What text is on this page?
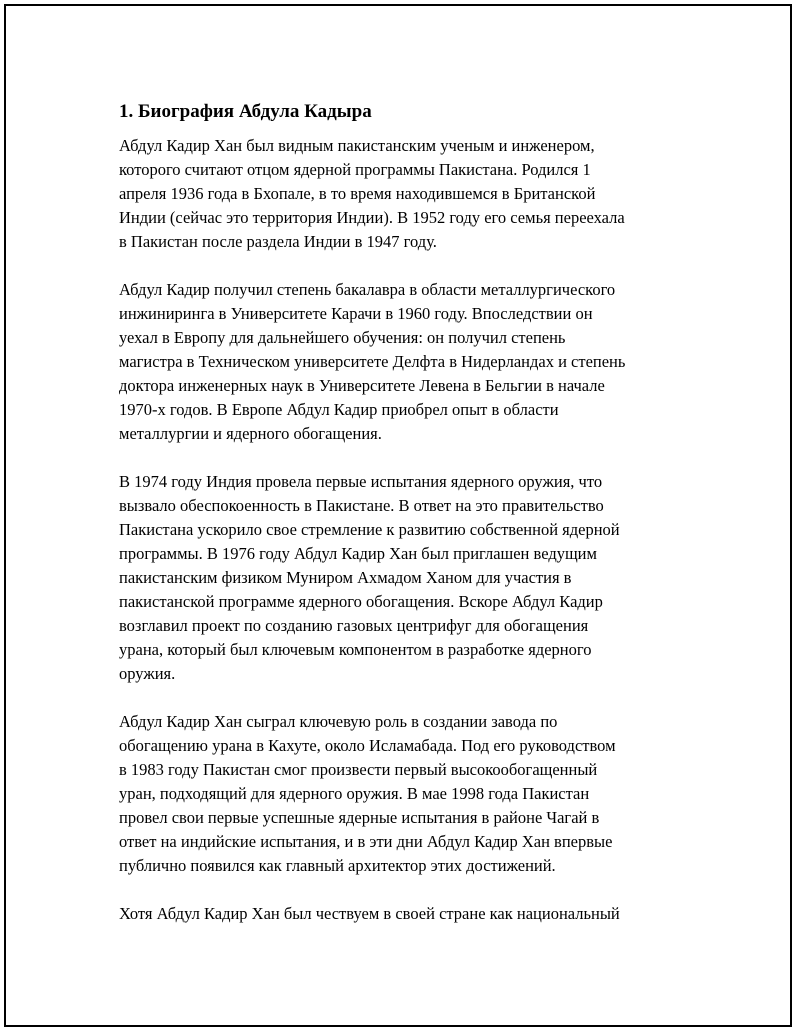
1. Биография Абдула Кадыра
Абдул Кадир Хан был видным пакистанским ученым и инженером,
которого считают отцом ядерной программы Пакистана. Родился 1
апреля 1936 года в Бхопале, в то время находившемся в Британской
Индии (сейчас это территория Индии). В 1952 году его семья переехала
в Пакистан после раздела Индии в 1947 году.
Абдул Кадир получил степень бакалавра в области металлургического
инжиниринга в Университете Карачи в 1960 году. Впоследствии он
уехал в Европу для дальнейшего обучения: он получил степень
магистра в Техническом университете Делфта в Нидерландах и степень
доктора инженерных наук в Университете Левена в Бельгии в начале
1970-х годов. В Европе Абдул Кадир приобрел опыт в области
металлургии и ядерного обогащения.
В 1974 году Индия провела первые испытания ядерного оружия, что
вызвало обеспокоенность в Пакистане. В ответ на это правительство
Пакистана ускорило свое стремление к развитию собственной ядерной
программы. В 1976 году Абдул Кадир Хан был приглашен ведущим
пакистанским физиком Муниром Ахмадом Ханом для участия в
пакистанской программе ядерного обогащения. Вскоре Абдул Кадир
возглавил проект по созданию газовых центрифуг для обогащения
урана, который был ключевым компонентом в разработке ядерного
оружия.
Абдул Кадир Хан сыграл ключевую роль в создании завода по
обогащению урана в Кахуте, около Исламабада. Под его руководством
в 1983 году Пакистан смог произвести первый высокообогащенный
уран, подходящий для ядерного оружия. В мае 1998 года Пакистан
провел свои первые успешные ядерные испытания в районе Чагай в
ответ на индийские испытания, и в эти дни Абдул Кадир Хан впервые
публично появился как главный архитектор этих достижений.
Хотя Абдул Кадир Хан был чествуем в своей стране как национальный
